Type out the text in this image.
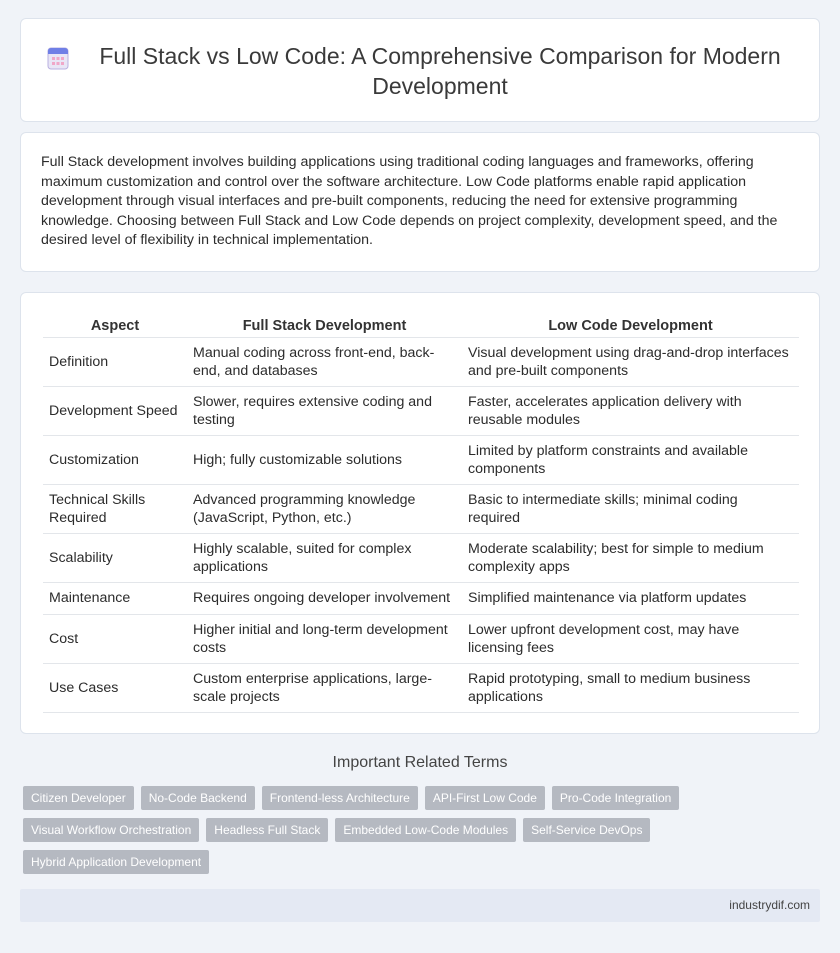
Full Stack vs Low Code: A Comprehensive Comparison for Modern Development

Full Stack development involves building applications using traditional coding languages and frameworks, offering maximum customization and control over the software architecture. Low Code platforms enable rapid application development through visual interfaces and pre-built components, reducing the need for extensive programming knowledge. Choosing between Full Stack and Low Code depends on project complexity, development speed, and the desired level of flexibility in technical implementation.

Aspect	Full Stack Development	Low Code Development
Definition	Manual coding across front-end, back-end, and databases	Visual development using drag-and-drop interfaces and pre-built components
Development Speed	Slower, requires extensive coding and testing	Faster, accelerates application delivery with reusable modules
Customization	High; fully customizable solutions	Limited by platform constraints and available components
Technical Skills Required	Advanced programming knowledge (JavaScript, Python, etc.)	Basic to intermediate skills; minimal coding required
Scalability	Highly scalable, suited for complex applications	Moderate scalability; best for simple to medium complexity apps
Maintenance	Requires ongoing developer involvement	Simplified maintenance via platform updates
Cost	Higher initial and long-term development costs	Lower upfront development cost, may have licensing fees
Use Cases	Custom enterprise applications, large-scale projects	Rapid prototyping, small to medium business applications
Important Related Terms
Citizen Developer	No-Code Backend	Frontend-less Architecture	API-First Low Code	Pro-Code Integration
Visual Workflow Orchestration	Headless Full Stack	Embedded Low-Code Modules	Self-Service DevOps
Hybrid Application Development
industrydif.com
